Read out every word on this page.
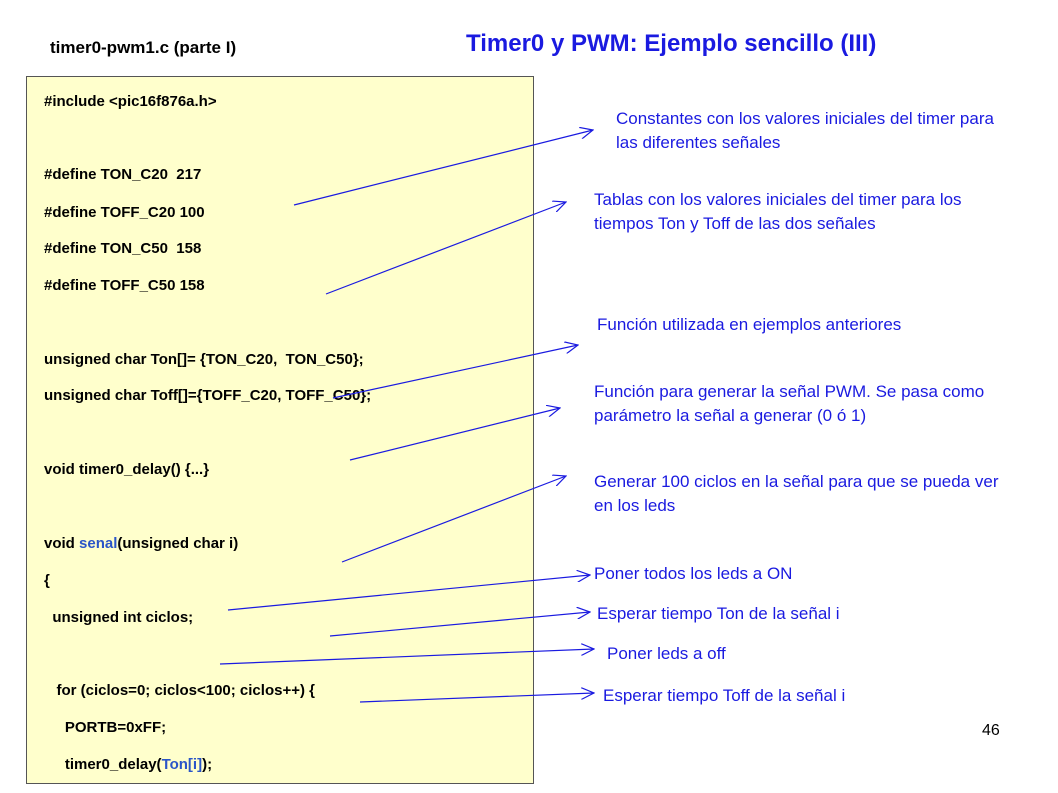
timer0-pwm1.c (parte I)	Timer0 y PWM: Ejemplo sencillo (III)
#include <pic16f876a.h>
#define TON_C20  217
#define TOFF_C20 100
#define TON_C50  158
#define TOFF_C50 158
unsigned char Ton[]= {TON_C20,  TON_C50};
unsigned char Toff[]={TOFF_C20, TOFF_C50};
void timer0_delay() {...}
void senal(unsigned char i)
{
unsigned int ciclos;
for (ciclos=0; ciclos<100; ciclos++) {
PORTB=0xFF;
timer0_delay(Ton[i]);
Constantes con los valores iniciales del timer para las diferentes señales
Tablas con los valores iniciales del timer para los tiempos Ton y Toff de las dos señales
Función utilizada en ejemplos anteriores
Función para generar la señal PWM. Se pasa como parámetro la señal a generar (0 ó 1)
Generar 100 ciclos en la señal para que se pueda ver en los leds
Poner todos los leds a ON
Esperar tiempo Ton de la señal i
Poner leds a off
Esperar tiempo Toff de la señal i
46
